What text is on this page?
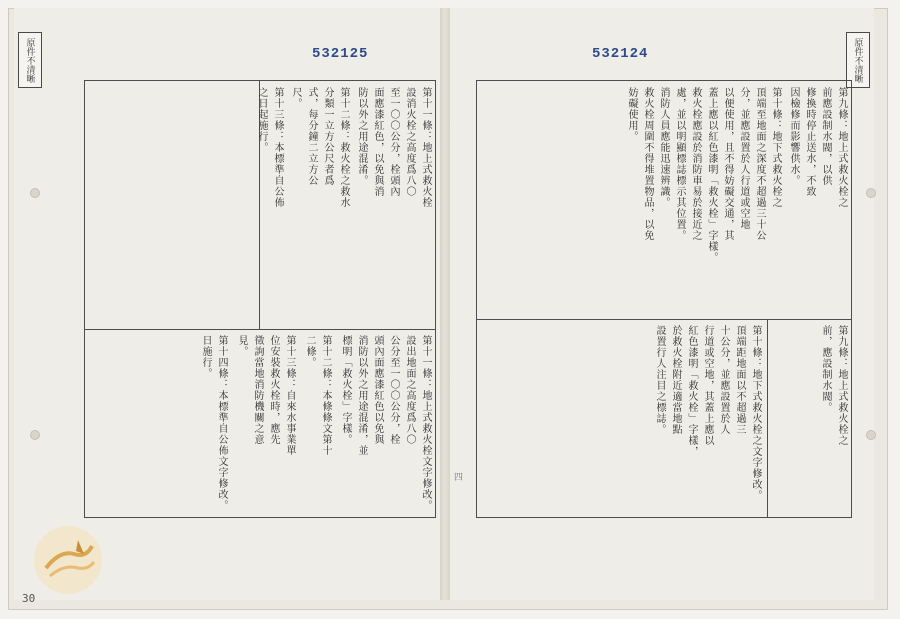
原件不清晰	原件不清晰
532125	532124
第十一條：地上式救火栓
設消火栓之高度爲八〇
至一〇〇公分，栓頭內
面應漆紅色，以免與消
防以外之用途混淆。
第十二條：救火栓之救水
分類一立方公尺者爲
式，每分鐘二立方公
尺。
第十三條：本標準自公佈
之日起施行。
第十一條：地上式救火栓文字修改。
設出地面之高度爲八〇
公分至一〇〇公分，栓
頭內面應漆紅色以免與
消防以外之用途混淆，並
標明「救火栓」字樣。
第十二條：本條條文第十
二條。
第十三條：自來水事業單
位安裝救火栓時，應先
徵詢當地消防機關之意
見。
第十四條：本標準自公佈文字修改。
日施行。
第九條：地上式救火栓之
前應設制水閥，以供
修換時停止送水，不致
因檢修而影響供水。
第十條：地下式救火栓之
頂端至地面之深度不超過三十公
分，並應設置於人行道或空地
以便使用，且不得妨礙交通，其
蓋上應以紅色漆明「救火栓」字樣。
救火栓應設於消防車易於接近之
處，並以明顯標誌標示其位置。
消防人員應能迅速辨識。
救火栓周圍不得堆置物品，以免
妨礙使用。
第九條：地上式救火栓之
前，應設制水閥。
第十條：地下式救火栓之文字修改。
頂端距地面以不超過三
十公分，並應設置於人
行道或空地，其蓋上應以
紅色漆明「救火栓」字樣，
於救火栓附近適當地點
設置行人注目之標誌。
四
30
